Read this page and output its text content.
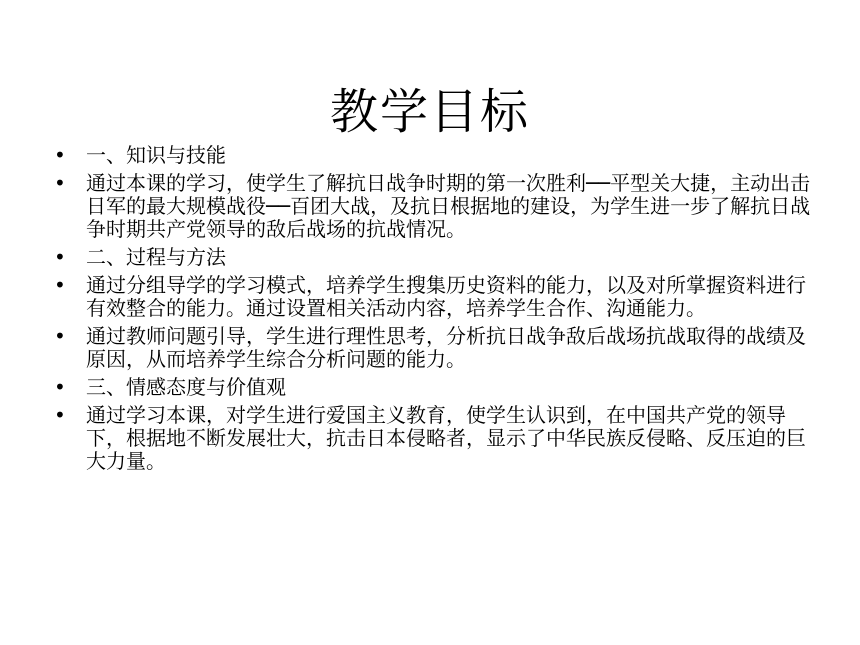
教学目标
•	一、知识与技能
•	通过本课的学习，使学生了解抗日战争时期的第一次胜利──平型关大捷，主动出击日军的最大规模战役──百团大战，及抗日根据地的建设，为学生进一步了解抗日战争时期共产党领导的敌后战场的抗战情况。
•	二、过程与方法
•	通过分组导学的学习模式，培养学生搜集历史资料的能力，以及对所掌握资料进行有效整合的能力。通过设置相关活动内容，培养学生合作、沟通能力。
•	通过教师问题引导，学生进行理性思考，分析抗日战争敌后战场抗战取得的战绩及原因，从而培养学生综合分析问题的能力。
•	三、情感态度与价值观
•	通过学习本课，对学生进行爱国主义教育，使学生认识到，在中国共产党的领导下，根据地不断发展壮大，抗击日本侵略者，显示了中华民族反侵略、反压迫的巨大力量。
